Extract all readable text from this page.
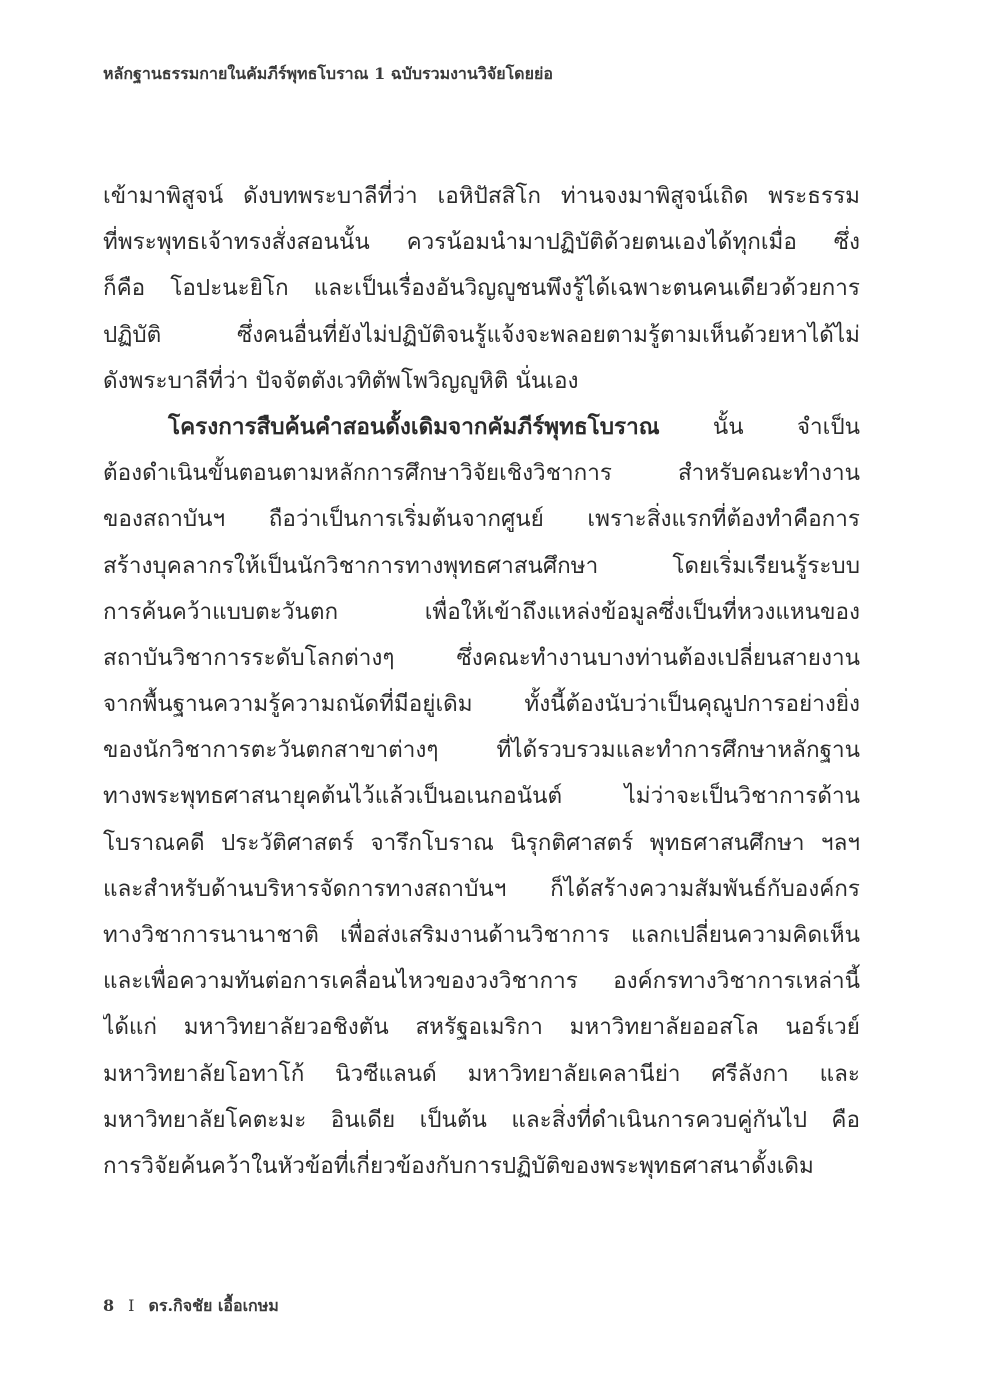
หลักฐานธรรมกายในคัมภีร์พุทธโบราณ 1 ฉบับรวมงานวิจัยโดยย่อ
เข้ามาพิสูจน์ ดังบทพระบาลีที่ว่า เอหิปัสสิโก ท่านจงมาพิสูจน์เถิด พระธรรม
ที่พระพุทธเจ้าทรงสั่งสอนนั้น ควรน้อมนำมาปฏิบัติด้วยตนเองได้ทุกเมื่อ ซึ่ง
ก็คือ โอปะนะยิโก และเป็นเรื่องอันวิญญูชนพึงรู้ได้เฉพาะตนคนเดียวด้วยการ
ปฏิบัติ ซึ่งคนอื่นที่ยังไม่ปฏิบัติจนรู้แจ้งจะพลอยตามรู้ตามเห็นด้วยหาได้ไม่
ดังพระบาลีที่ว่า ปัจจัตตังเวทิตัพโพวิญญูหิติ นั่นเอง
โครงการสืบค้นคำสอนดั้งเดิมจากคัมภีร์พุทธโบราณ นั้น จำเป็น
ต้องดำเนินขั้นตอนตามหลักการศึกษาวิจัยเชิงวิชาการ สำหรับคณะทำงาน
ของสถาบันฯ ถือว่าเป็นการเริ่มต้นจากศูนย์ เพราะสิ่งแรกที่ต้องทำคือการ
สร้างบุคลากรให้เป็นนักวิชาการทางพุทธศาสนศึกษา โดยเริ่มเรียนรู้ระบบ
การค้นคว้าแบบตะวันตก เพื่อให้เข้าถึงแหล่งข้อมูลซึ่งเป็นที่หวงแหนของ
สถาบันวิชาการระดับโลกต่างๆ ซึ่งคณะทำงานบางท่านต้องเปลี่ยนสายงาน
จากพื้นฐานความรู้ความถนัดที่มีอยู่เดิม ทั้งนี้ต้องนับว่าเป็นคุณูปการอย่างยิ่ง
ของนักวิชาการตะวันตกสาขาต่างๆ ที่ได้รวบรวมและทำการศึกษาหลักฐาน
ทางพระพุทธศาสนายุคต้นไว้แล้วเป็นอเนกอนันต์ ไม่ว่าจะเป็นวิชาการด้าน
โบราณคดี ประวัติศาสตร์ จารึกโบราณ นิรุกติศาสตร์ พุทธศาสนศึกษา ฯลฯ
และสำหรับด้านบริหารจัดการทางสถาบันฯ ก็ได้สร้างความสัมพันธ์กับองค์กร
ทางวิชาการนานาชาติ เพื่อส่งเสริมงานด้านวิชาการ แลกเปลี่ยนความคิดเห็น
และเพื่อความทันต่อการเคลื่อนไหวของวงวิชาการ องค์กรทางวิชาการเหล่านี้
ได้แก่ มหาวิทยาลัยวอชิงตัน สหรัฐอเมริกา มหาวิทยาลัยออสโล นอร์เวย์
มหาวิทยาลัยโอทาโก้ นิวซีแลนด์ มหาวิทยาลัยเคลานีย่า ศรีลังกา และ
มหาวิทยาลัยโคตะมะ อินเดีย เป็นต้น และสิ่งที่ดำเนินการควบคู่กันไป คือ
การวิจัยค้นคว้าในหัวข้อที่เกี่ยวข้องกับการปฏิบัติของพระพุทธศาสนาดั้งเดิม
8 I ดร.กิจชัย เอื้อเกษม
